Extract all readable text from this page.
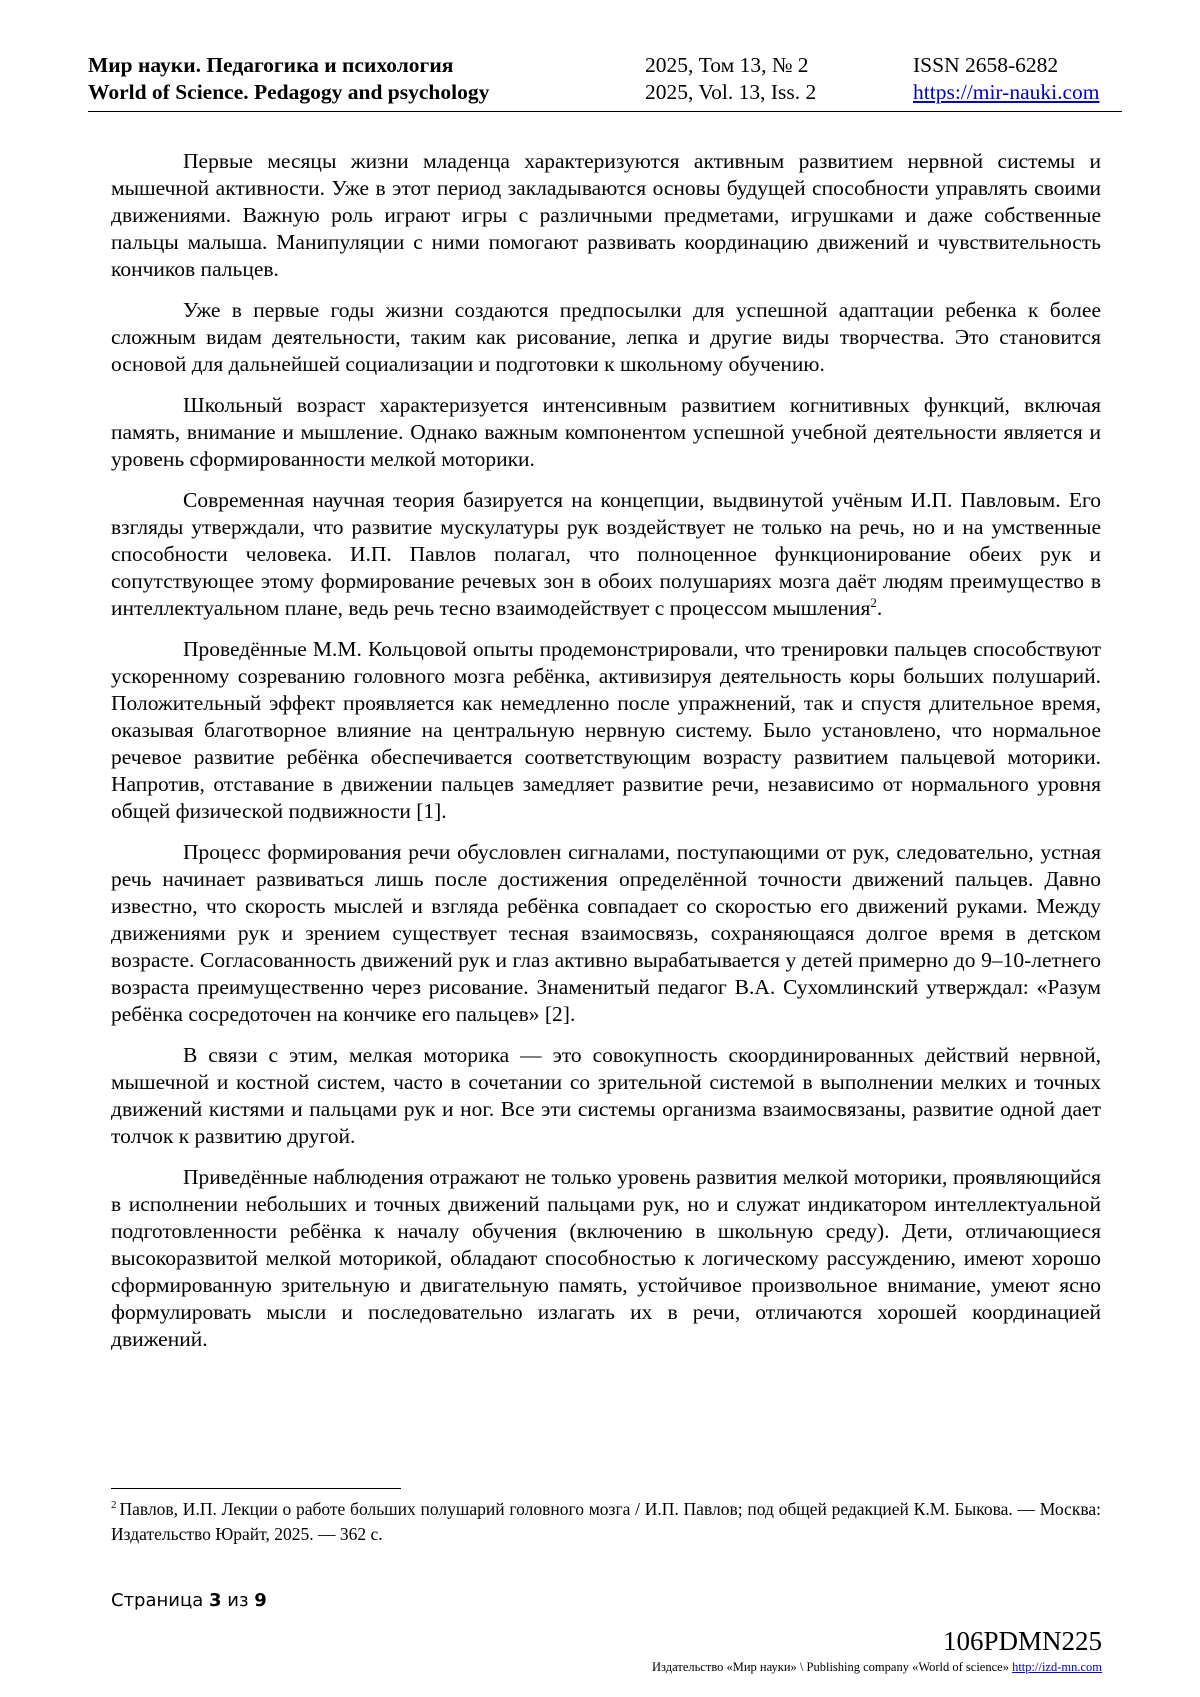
Мир науки. Педагогика и психология
World of Science. Pedagogy and psychology
2025, Том 13, № 2
2025, Vol. 13, Iss. 2
ISSN 2658-6282
https://mir-nauki.com

Первые месяцы жизни младенца характеризуются активным развитием нервной системы и мышечной активности. Уже в этот период закладываются основы будущей способности управлять своими движениями. Важную роль играют игры с различными предметами, игрушками и даже собственные пальцы малыша. Манипуляции с ними помогают развивать координацию движений и чувствительность кончиков пальцев.

Уже в первые годы жизни создаются предпосылки для успешной адаптации ребенка к более сложным видам деятельности, таким как рисование, лепка и другие виды творчества. Это становится основой для дальнейшей социализации и подготовки к школьному обучению.

Школьный возраст характеризуется интенсивным развитием когнитивных функций, включая память, внимание и мышление. Однако важным компонентом успешной учебной деятельности является и уровень сформированности мелкой моторики.

Современная научная теория базируется на концепции, выдвинутой учёным И.П. Павловым. Его взгляды утверждали, что развитие мускулатуры рук воздействует не только на речь, но и на умственные способности человека. И.П. Павлов полагал, что полноценное функционирование обеих рук и сопутствующее этому формирование речевых зон в обоих полушариях мозга даёт людям преимущество в интеллектуальном плане, ведь речь тесно взаимодействует с процессом мышления$^2$.

Проведённые М.М. Кольцовой опыты продемонстрировали, что тренировки пальцев способствуют ускоренному созреванию головного мозга ребёнка, активизируя деятельность коры больших полушарий. Положительный эффект проявляется как немедленно после упражнений, так и спустя длительное время, оказывая благотворное влияние на центральную нервную систему. Было установлено, что нормальное речевое развитие ребёнка обеспечивается соответствующим возрасту развитием пальцевой моторики. Напротив, отставание в движении пальцев замедляет развитие речи, независимо от нормального уровня общей физической подвижности [1].

Процесс формирования речи обусловлен сигналами, поступающими от рук, следовательно, устная речь начинает развиваться лишь после достижения определённой точности движений пальцев. Давно известно, что скорость мыслей и взгляда ребёнка совпадает со скоростью его движений руками. Между движениями рук и зрением существует тесная взаимосвязь, сохраняющаяся долгое время в детском возрасте. Согласованность движений рук и глаз активно вырабатывается у детей примерно до 9–10-летнего возраста преимущественно через рисование. Знаменитый педагог В.А. Сухомлинский утверждал: «Разум ребёнка сосредоточен на кончике его пальцев» [2].

В связи с этим, мелкая моторика — это совокупность скоординированных действий нервной, мышечной и костной систем, часто в сочетании со зрительной системой в выполнении мелких и точных движений кистями и пальцами рук и ног. Все эти системы организма взаимосвязаны, развитие одной дает толчок к развитию другой.

Приведённые наблюдения отражают не только уровень развития мелкой моторики, проявляющийся в исполнении небольших и точных движений пальцами рук, но и служат индикатором интеллектуальной подготовленности ребёнка к началу обучения (включению в школьную среду). Дети, отличающиеся высокоразвитой мелкой моторикой, обладают способностью к логическому рассуждению, имеют хорошо сформированную зрительную и двигательную память, устойчивое произвольное внимание, умеют ясно формулировать мысли и последовательно излагать их в речи, отличаются хорошей координацией движений.

$^2$ Павлов, И.П. Лекции о работе больших полушарий головного мозга / И.П. Павлов; под общей редакцией К.М. Быкова. — Москва: Издательство Юрайт, 2025. — 362 с.
Страница 3 из 9
106PDMN225
Издательство «Мир науки» \ Publishing company «World of science» http://izd-mn.com
